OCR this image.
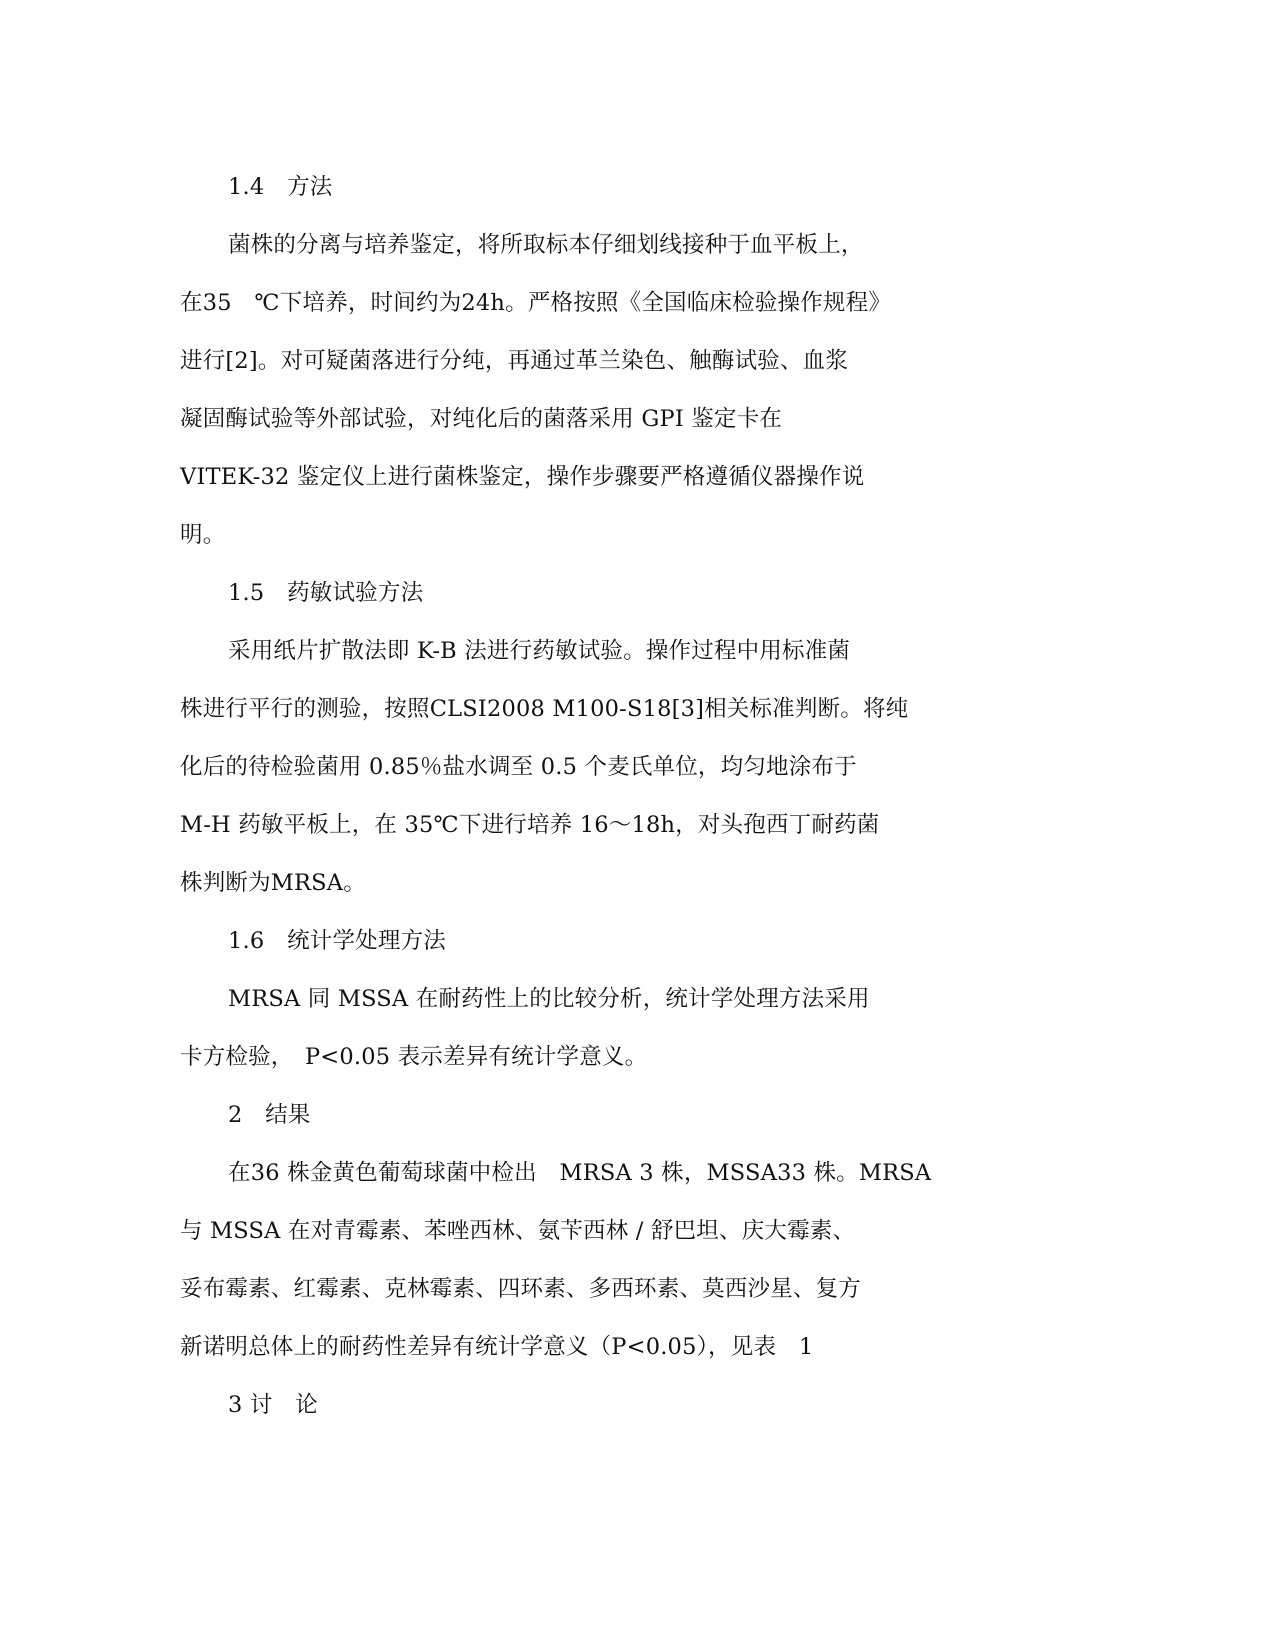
1.4　方法
菌株的分离与培养鉴定，将所取标本仔细划线接种于血平板上，
在35　℃下培养，时间约为24h。严格按照《全国临床检验操作规程》
进行[2]。对可疑菌落进行分纯，再通过革兰染色、触酶试验、血浆
凝固酶试验等外部试验，对纯化后的菌落采用 GPI 鉴定卡在
VITEK-32 鉴定仪上进行菌株鉴定，操作步骤要严格遵循仪器操作说
明。
1.5　药敏试验方法
采用纸片扩散法即 K-B 法进行药敏试验。操作过程中用标准菌
株进行平行的测验，按照CLSI2008 M100-S18[3]相关标准判断。将纯
化后的待检验菌用 0.85％盐水调至 0.5 个麦氏单位，均匀地涂布于
M-H 药敏平板上，在 35℃下进行培养 16～18h，对头孢西丁耐药菌
株判断为MRSA。
1.6　统计学处理方法
MRSA 同 MSSA 在耐药性上的比较分析，统计学处理方法采用
卡方检验，　P<0.05 表示差异有统计学意义。
2　结果
在36 株金黄色葡萄球菌中检出　MRSA 3 株，MSSA33 株。MRSA
与 MSSA 在对青霉素、苯唑西林、氨苄西林 / 舒巴坦、庆大霉素、
妥布霉素、红霉素、克林霉素、四环素、多西环素、莫西沙星、复方
新诺明总体上的耐药性差异有统计学意义（P<0.05），见表　1
3 讨　论
